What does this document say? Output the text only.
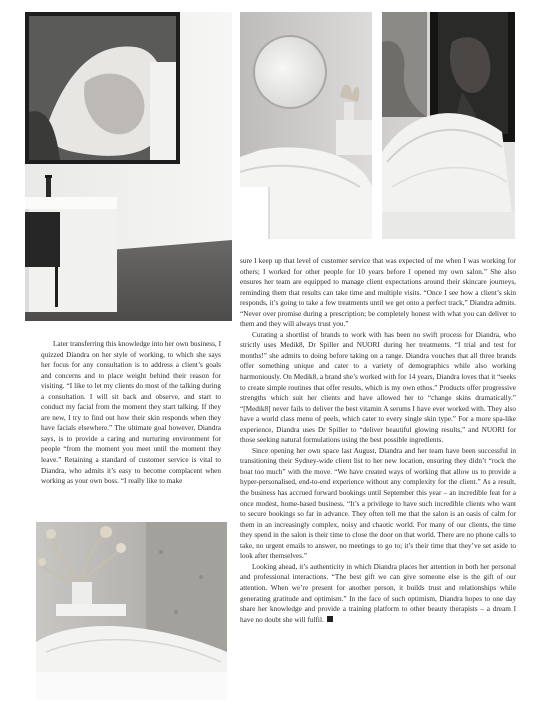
Later transferring this knowledge into her own business, I quizzed Diandra on her style of working, to which she says her focus for any consultation is to address a client’s goals and concerns and to place weight behind their reason for visiting. “I like to let my clients do most of the talking during a consultation. I will sit back and observe, and start to conduct my facial from the moment they start talking. If they are new, I try to find out how their skin responds when they have facials elsewhere.” The ultimate goal however, Diandra says, is to provide a caring and nurturing environment for people “from the moment you meet until the moment they leave.” Retaining a standard of customer service is vital to Diandra, who admits it’s easy to become complacent when working as your own boss. “I really like to make

sure I keep up that level of customer service that was expected of me when I was working for others; I worked for other people for 10 years before I opened my own salon.” She also ensures her team are equipped to manage client expectations around their skincare journeys, reminding them that results can take time and multiple visits. “Once I see how a client’s skin responds, it’s going to take a few treatments until we get onto a perfect track,” Diandra admits. “Never over promise during a prescription; be completely honest with what you can deliver to them and they will always trust you.”

Curating a shortlist of brands to work with has been no swift process for Diandra, who strictly uses Medik8, Dr Spiller and NUORI during her treatments. “I trial and test for months!” she admits to doing before taking on a range. Diandra vouches that all three brands offer something unique and cater to a variety of demographics while also working harmoniously. On Medik8, a brand she’s worked with for 14 years, Diandra loves that it “seeks to create simple routines that offer results, which is my own ethos.” Products offer progressive strengths which suit her clients and have allowed her to “change skins dramatically.” “[Medik8] never fails to deliver the best vitamin A serums I have ever worked with. They also have a world class menu of peels, which cater to every single skin type.” For a more spa-like experience, Diandra uses Dr Spiller to “deliver beautiful glowing results,” and NUORI for those seeking natural formulations using the best possible ingredients.

Since opening her own space last August, Diandra and her team have been successful in transitioning their Sydney-wide client list to her new location, ensuring they didn’t “rock the boat too much” with the move. “We have created ways of working that allow us to provide a hyper-personalised, end-to-end experience without any complexity for the client.” As a result, the business has accrued forward bookings until September this year – an incredible feat for a once modest, home-based business. “It’s a privilege to have such incredible clients who want to secure bookings so far in advance. They often tell me that the salon is an oasis of calm for them in an increasingly complex, noisy and chaotic world. For many of our clients, the time they spend in the salon is their time to close the door on that world. There are no phone calls to take, no urgent emails to answer, no meetings to go to; it’s their time that they’ve set aside to look after themselves.”

Looking ahead, it’s authenticity in which Diandra places her attention in both her personal and professional interactions. “The best gift we can give someone else is the gift of our attention. When we’re present for another person, it builds trust and relationships while generating gratitude and optimism.” In the face of such optimism, Diandra hopes to one day share her knowledge and provide a training platform to other beauty therapists – a dream I have no doubt she will fulfil.
